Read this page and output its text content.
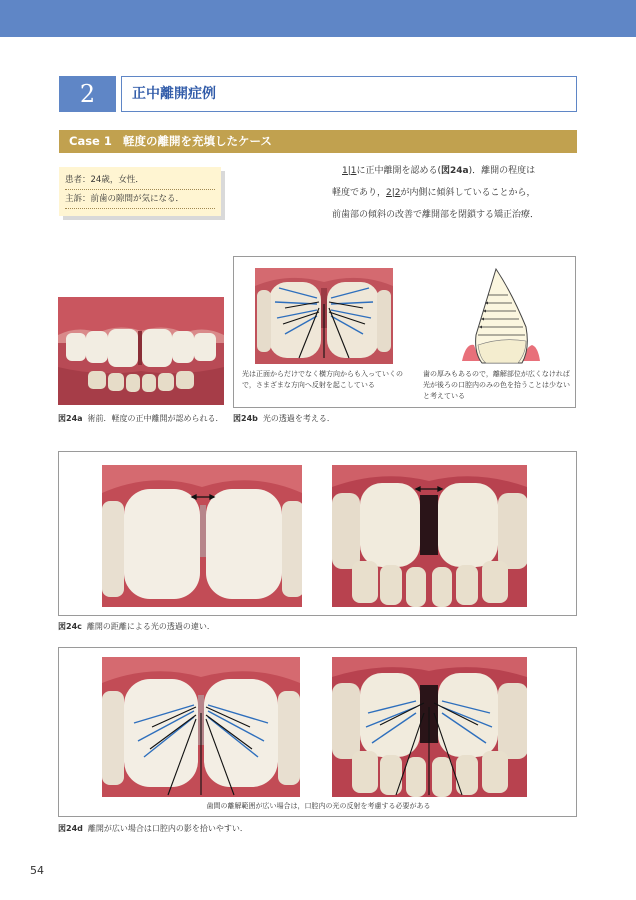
2	正中離開症例
Case 1 軽度の離開を充填したケース
患者：24歳，女性．
主訴：前歯の隙間が気になる．
1|1に正中離開を認める(図24a)．離開の程度は
軽度であり，2|2が内側に傾斜していることから，
前歯部の傾斜の改善で離開部を閉鎖する矯正治療．
図24a 術前．軽度の正中離開が認められる．
光は正面からだけでなく横方向からも入っていくので，さまざまな方向へ反射を起こしている
歯の厚みもあるので，離解部位が広くなければ光が後ろの口腔内のみの色を拾うことは少ないと考えている
図24b 光の透過を考える．
図24c 離開の距離による光の透過の違い．
歯間の離解範囲が広い場合は，口腔内の光の反射を考慮する必要がある
図24d 離開が広い場合は口腔内の影を拾いやすい．
54
